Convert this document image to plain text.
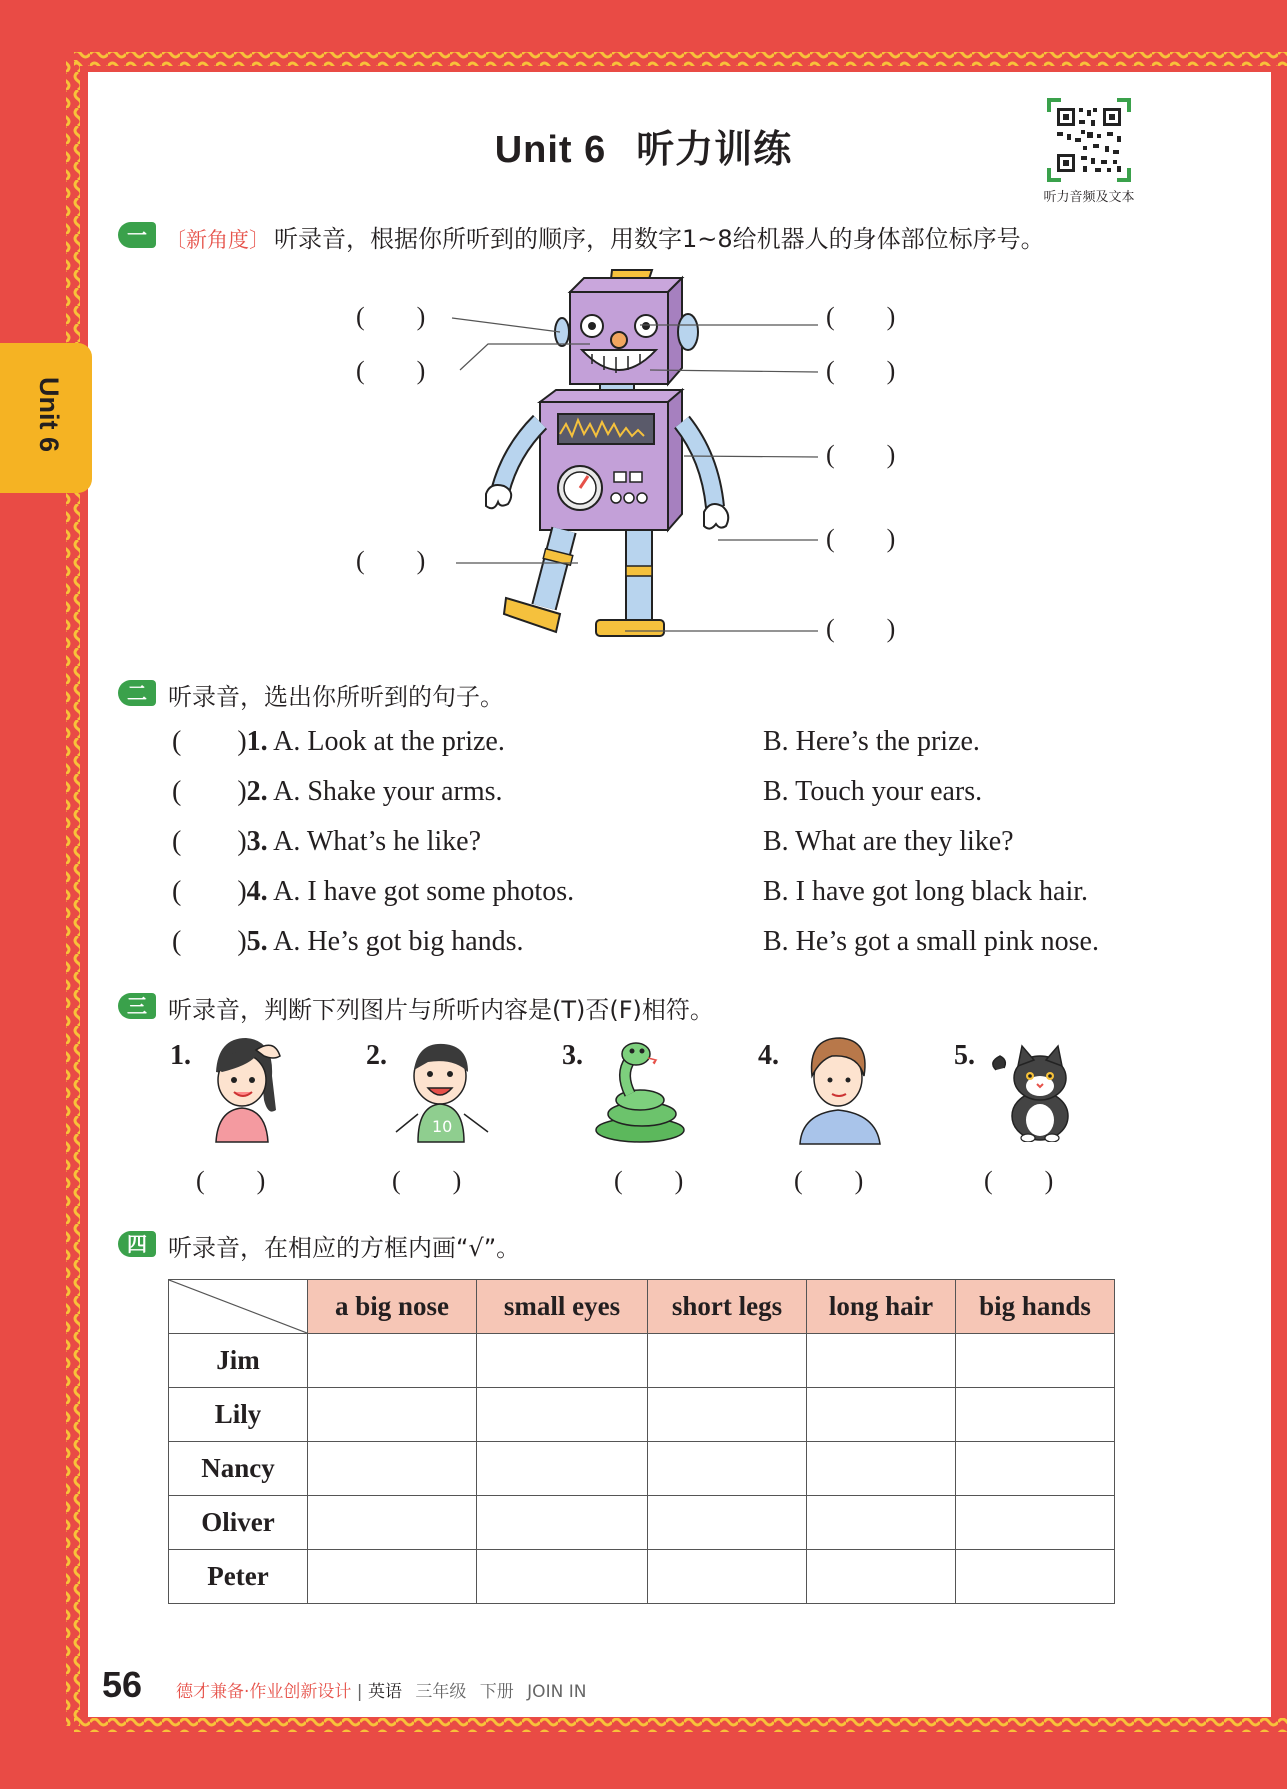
Unit 6
Unit 6 听力训练
听力音频及文本
一 〔新角度〕 听录音，根据你所听到的顺序，用数字1~8给机器人的身体部位标序号。
(        )
(        )
(        )
(        )
(        )
(        )
(        )
(        )
二 听录音，选出你所听到的句子。
(        )1. A. Look at the prize.	B. Here’s the prize.
(        )2. A. Shake your arms.	B. Touch your ears.
(        )3. A. What’s he like?	B. What are they like?
(        )4. A. I have got some photos.	B. I have got long black hair.
(        )5. A. He’s got big hands.	B. He’s got a small pink nose.
三 听录音，判断下列图片与所听内容是(T)否(F)相符。
1.
(        )
2.
10
(        )
3.
(        )
4.
(        )
5.
(        )
四 听录音，在相应的方框内画“√”。
	a big nose	small eyes	short legs	long hair	big hands
Jim					
Lily					
Nancy					
Oliver					
Peter					
56 德才兼备·作业创新设计 | 英语 三年级 下册 JOIN IN
